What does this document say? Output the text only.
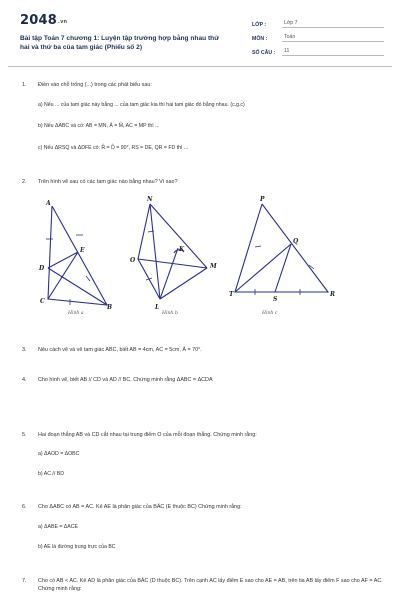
2048.vn
Bài tập Toán 7 chương 1: Luyện tập trường hợp bằng nhau thứ hai và thứ ba của tam giác (Phiếu số 2)
LỚP :	Lớp 7
MÔN :	Toán
SỐ CÂU :	11
1. Điền vào chỗ trống (...) trong các phát biểu sau:
a) Nếu ... của tam giác này bằng ... của tam giác kia thì hai tam giác đó bằng nhau. (c.g.c)
b) Nếu ΔABC và có: AB = MN, Â = M̂, AC = MP thì ...
c) Nếu ΔRSQ và ΔDFE có: R̂ = D̂ = 90°, RS = DE, QR = FD thì ...
2. Trên hình vẽ sau có các tam giác nào bằng nhau? Vì sao?
A
E
D
C
B
N
O
K
M
L
P
Q
T
S
R
Hình a	Hình b	Hình c
3. Nêu cách vẽ và vẽ tam giác ABC, biết AB = 4cm, AC = 5cm, Â = 70°.
4. Cho hình vẽ, biết AB // CD và AD // BC. Chứng minh rằng ΔABC = ΔCDA
5. Hai đoạn thẳng AB và CD cắt nhau tại trung điểm O của mỗi đoạn thẳng. Chứng minh rằng:
a) ΔAOD = ΔOBC
b) AC // BD
6. Cho ΔABC có AB = AC. Kẻ AE là phân giác của BÂC (E thuộc BC) Chứng minh rằng:
a) ΔABE = ΔACE
b) AE là đường trung trực của BC
7. Cho có AB < AC. Kẻ AD là phân giác của BÂC (D thuộc BC). Trên cạnh AC lấy điểm E sao cho AE = AB, trên tia AB lấy điểm F sao cho AF = AC. Chứng minh rằng:
